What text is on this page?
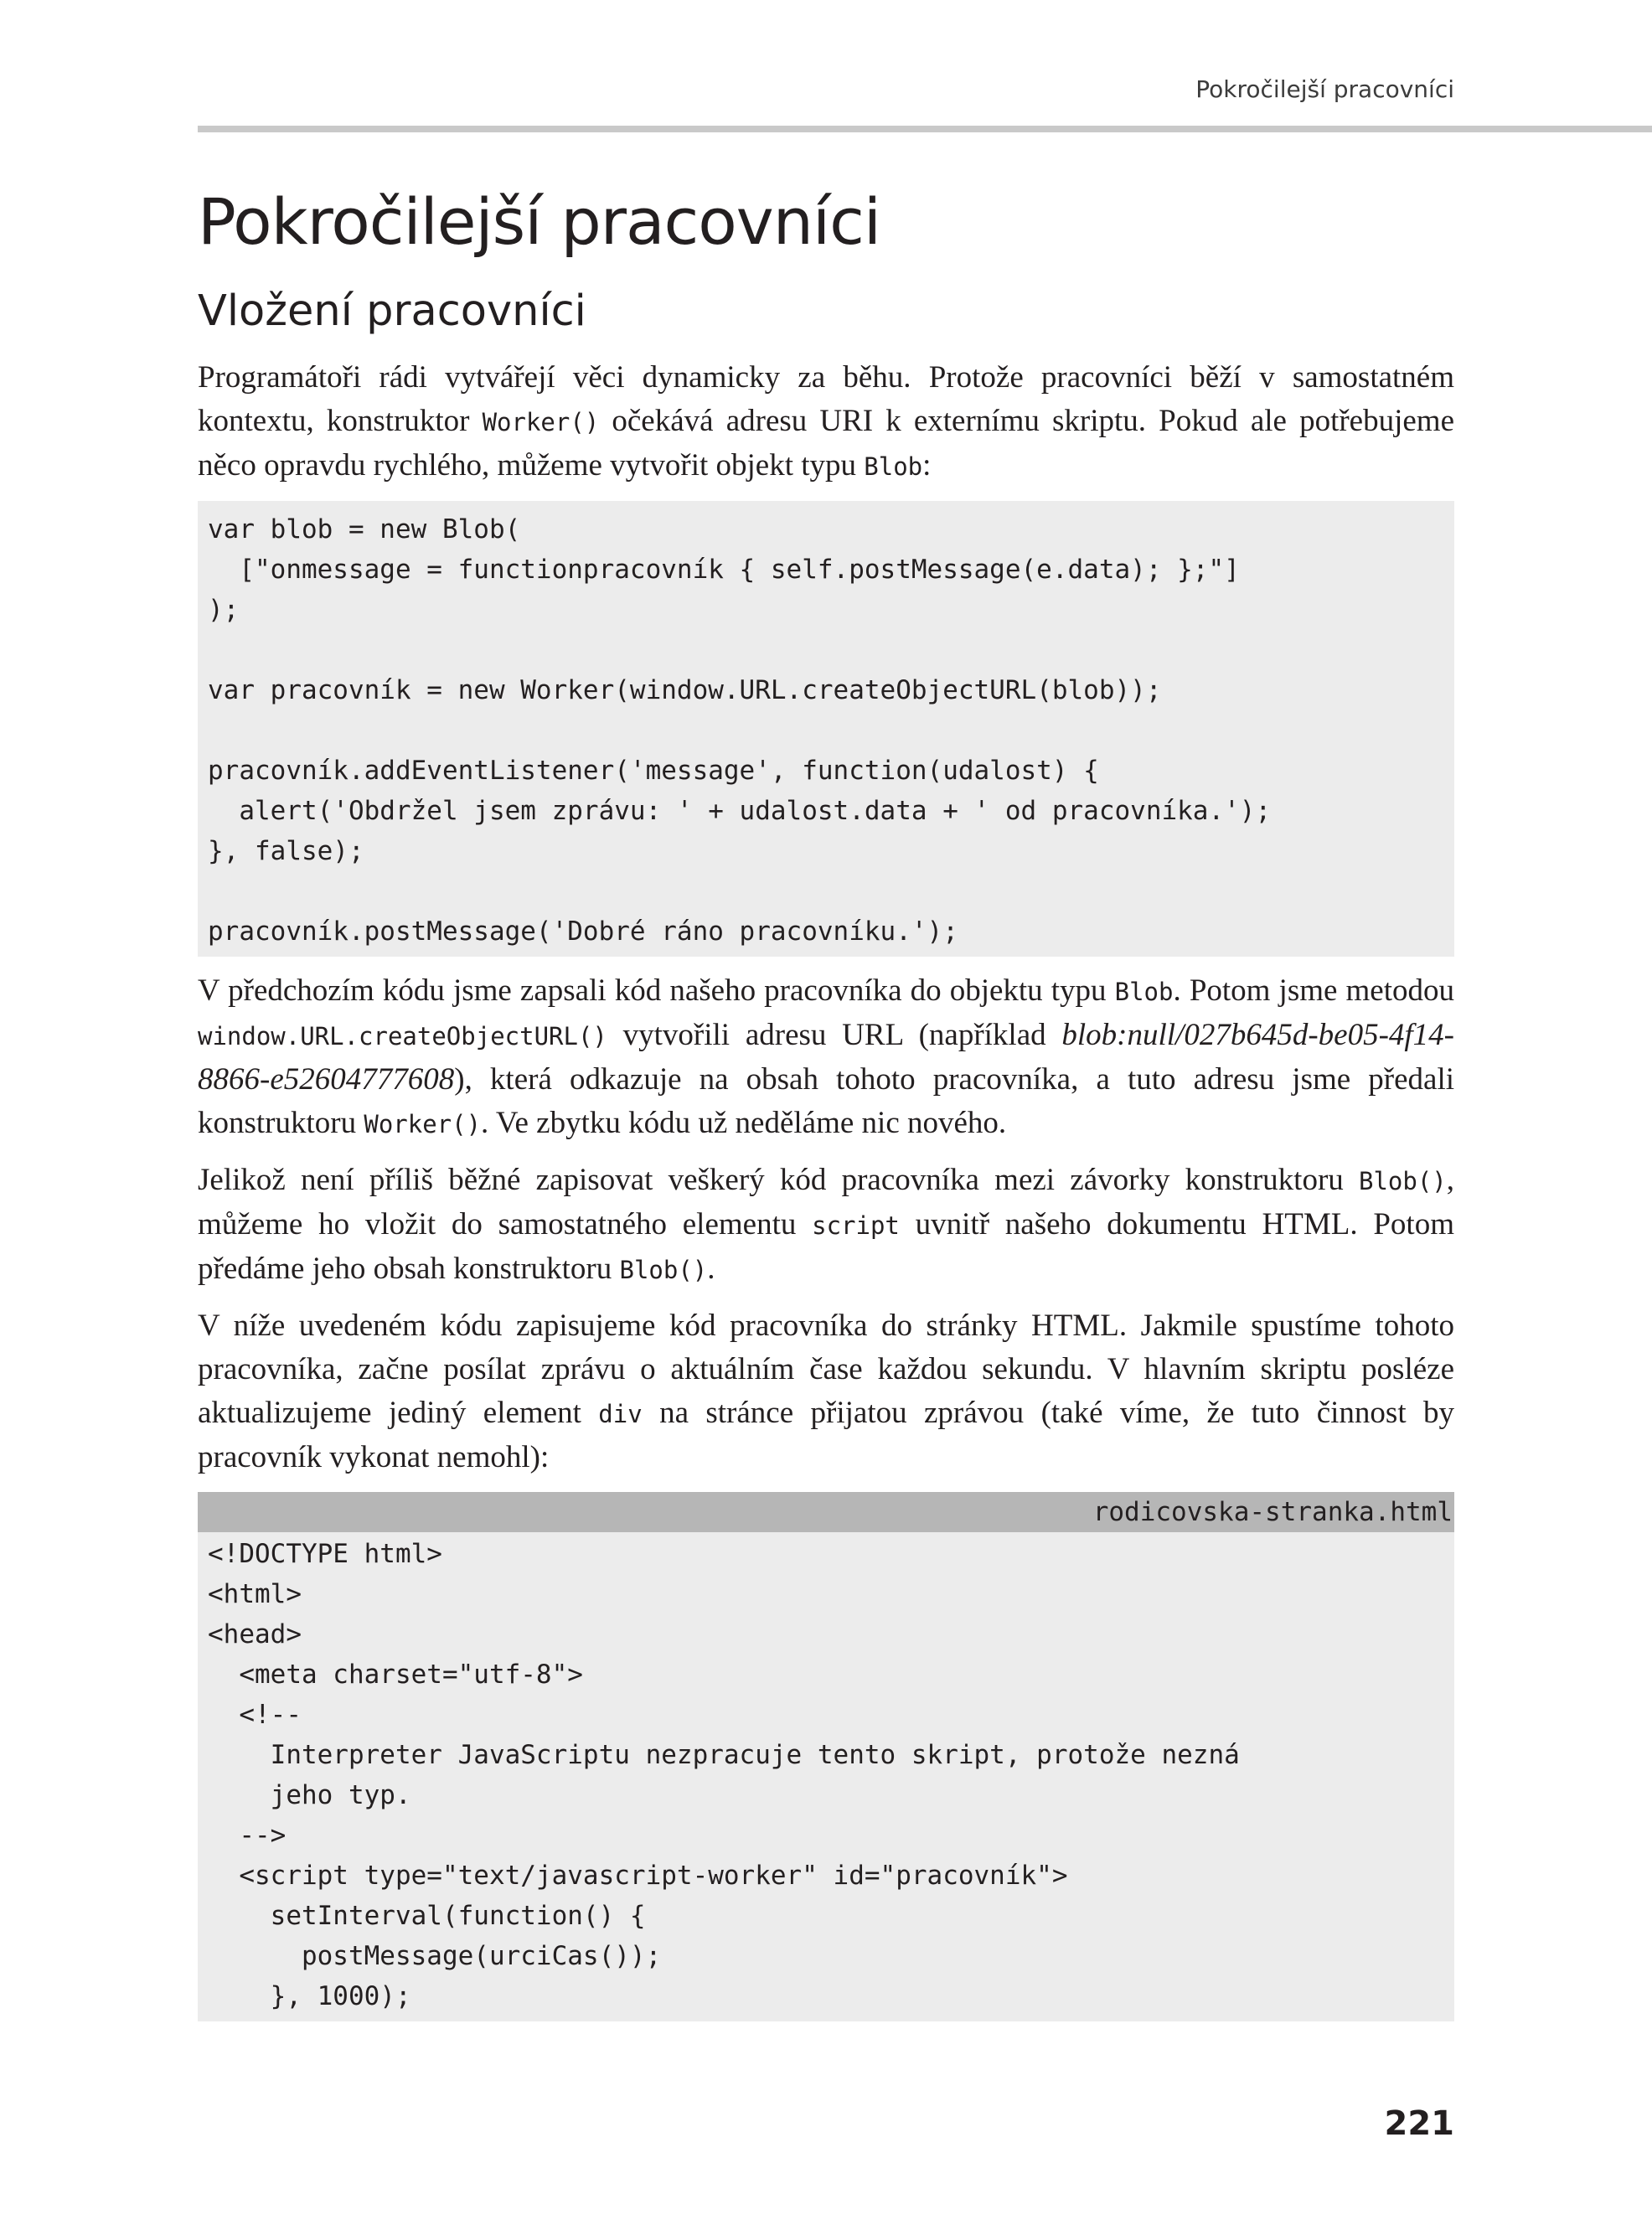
Pokročilejší pracovníci
Pokročilejší pracovníci
Vložení pracovníci

Programátoři rádi vytvářejí věci dynamicky za běhu. Protože pracovníci běží v samostatném kontextu, konstruktor Worker() očekává adresu URI k externímu skriptu. Pokud ale potřebujeme něco opravdu rychlého, můžeme vytvořit objekt typu Blob:

var blob = new Blob(
["onmessage = functionpracovník { self.postMessage(e.data); };"]
);

var pracovník = new Worker(window.URL.createObjectURL(blob));

pracovník.addEventListener('message', function(udalost) {
alert('Obdržel jsem zprávu: ' + udalost.data + ' od pracovníka.');
}, false);

pracovník.postMessage('Dobré ráno pracovníku.');

V předchozím kódu jsme zapsali kód našeho pracovníka do objektu typu Blob. Potom jsme metodou window.URL.createObjectURL() vytvořili adresu URL (například blob:null/027b645d-be05-4f14-8866-e52604777608), která odkazuje na obsah tohoto pracovníka, a tuto adresu jsme předali konstruktoru Worker(). Ve zbytku kódu už neděláme nic nového.

Jelikož není příliš běžné zapisovat veškerý kód pracovníka mezi závorky konstruktoru Blob(), můžeme ho vložit do samostatného elementu script uvnitř našeho dokumentu HTML. Potom předáme jeho obsah konstruktoru Blob().

V níže uvedeném kódu zapisujeme kód pracovníka do stránky HTML. Jakmile spustíme tohoto pracovníka, začne posílat zprávu o aktuálním čase každou sekundu. V hlavním skriptu posléze aktualizujeme jediný element div na stránce přijatou zprávou (také víme, že tuto činnost by pracovník vykonat nemohl):

rodicovska-stranka.html
<!DOCTYPE html>
<html>
<head>
<meta charset="utf-8">
<!--
Interpreter JavaScriptu nezpracuje tento skript, protože nezná
jeho typ.
-->
<script type="text/javascript-worker" id="pracovník">
setInterval(function() {
postMessage(urciCas());
}, 1000);
221
